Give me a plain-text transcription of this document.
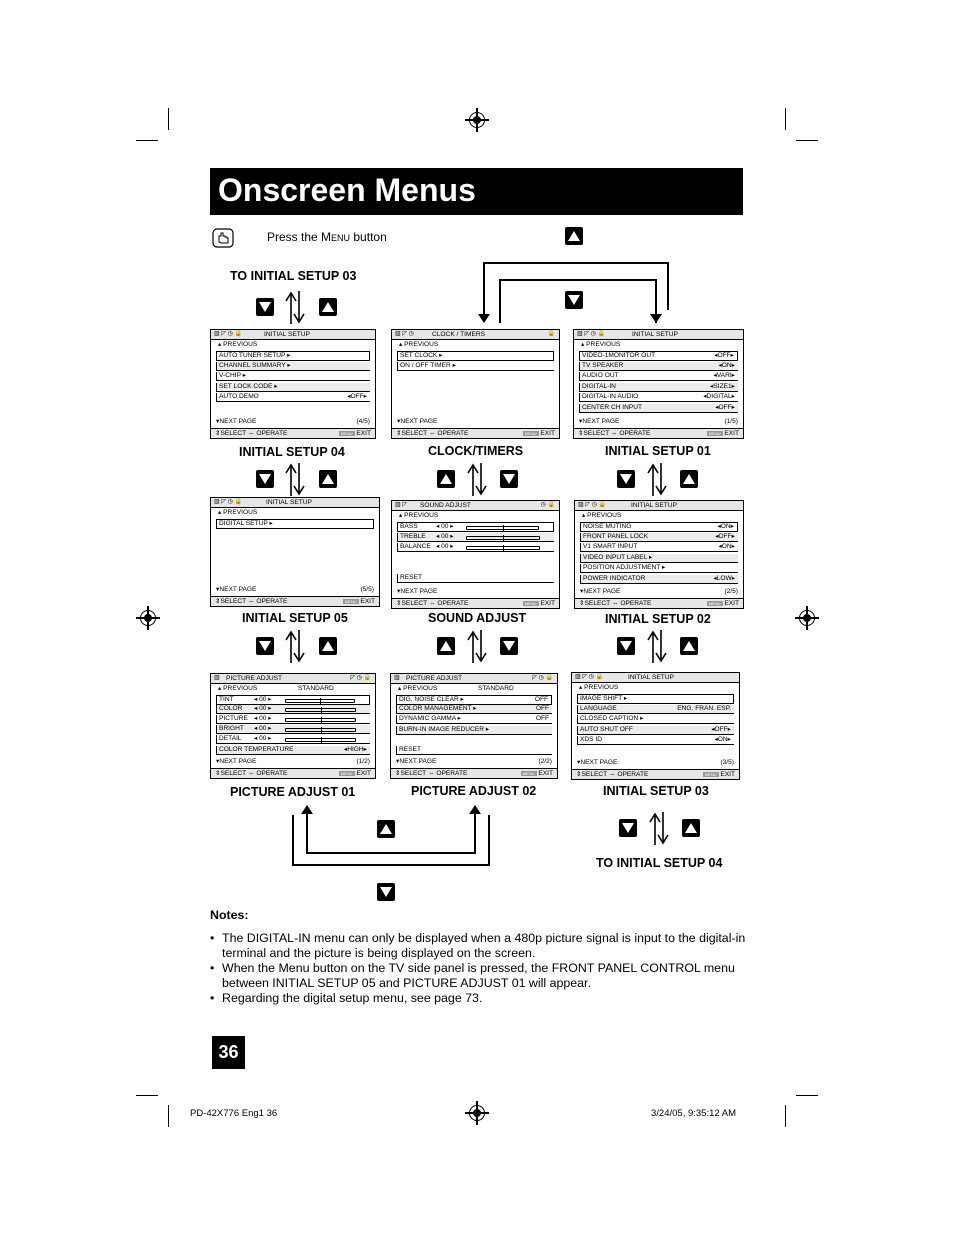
Onscreen Menus
Press the MENU button
TO INITIAL SETUP 03
INITIAL SETUP 04	CLOCK/TIMERS	INITIAL SETUP 01
INITIAL SETUP 05	SOUND ADJUST	INITIAL SETUP 02
PICTURE ADJUST 01	PICTURE ADJUST 02	INITIAL SETUP 03
TO INITIAL SETUP 04
▥ ◸ ◷ 🔒	INITIAL SETUP
▴ PREVIOUS
AUTO TUNER SETUP ▸
CHANNEL SUMMARY ▸
V-CHIP ▸
SET LOCK CODE ▸
AUTO DEMO	◂OFF▸
▾NEXT PAGE	(4/5)
⇕SELECT ⇔ OPERATE	MENU EXIT
▥ ◸ ◷	CLOCK / TIMERS	🔒
▴ PREVIOUS
SET CLOCK ▸
ON / OFF TIMER ▸
▾NEXT PAGE
⇕SELECT ⇔ OPERATE	MENU EXIT
▥ ◸ ◷ 🔒	INITIAL SETUP
▴ PREVIOUS
VIDEO-1MONITOR OUT	◂OFF▸
TV SPEAKER	◂ON▸
AUDIO OUT	◂VARI▸
DIGITAL-IN	◂SIZE1▸
DIGITAL-IN AUDIO	◂DIGITAL▸
CENTER CH INPUT	◂OFF▸
▾NEXT PAGE	(1/5)
⇕SELECT ⇔ OPERATE	MENU EXIT
▥ ◸ ◷ 🔒	INITIAL SETUP
▴ PREVIOUS
DIGITAL SETUP ▸
▾NEXT PAGE	(5/5)
⇕SELECT ⇔ OPERATE	MENU EXIT
▥ ◸ SOUND ADJUST	◷ 🔒
▴ PREVIOUS
BASS	◂ 00 ▸
TREBLE ◂ 00 ▸
BALANCE ◂ 00 ▸
RESET
▾NEXT PAGE
⇕SELECT ⇔ OPERATE	MENU EXIT
▥ ◸ ◷ 🔒	INITIAL SETUP
▴ PREVIOUS
NOISE MUTING	◂ON▸
FRONT PANEL LOCK	◂OFF▸
V1 SMART INPUT	◂ON▸
VIDEO INPUT LABEL ▸
POSITION ADJUSTMENT ▸
POWER INDICATOR	◂LOW▸
▾NEXT PAGE	(2/5)
⇕SELECT ⇔ OPERATE	MENU EXIT
▥ PICTURE ADJUST	◸ ◷ 🔒
▴ PREVIOUS	STANDARD
TINT	◂ 00 ▸
COLOR ◂ 00 ▸
PICTURE ◂ 00 ▸
BRIGHT ◂ 00 ▸
DETAIL ◂ 00 ▸
COLOR TEMPERATURE	◂HIGH▸
▾NEXT PAGE	(1/2)
⇕SELECT ⇔ OPERATE	MENU EXIT
▥ PICTURE ADJUST	◸ ◷ 🔒
▴ PREVIOUS	STANDARD
DIG. NOISE CLEAR ▸	OFF
COLOR MANAGEMENT ▸	OFF
DYNAMIC GAMMA ▸	OFF
BURN-IN IMAGE REDUCER ▸
RESET
▾NEXT PAGE	(2/2)
⇕SELECT ⇔ OPERATE	MENU EXIT
▥ ◸ ◷ 🔒	INITIAL SETUP
▴ PREVIOUS
IMAGE SHIFT ▸
LANGUAGE	ENG. FRAN. ESP.
CLOSED CAPTION ▸
AUTO SHUT OFF	◂OFF▸
XDS ID	◂ON▸
▾NEXT PAGE	(3/5)
⇕SELECT ⇔ OPERATE	MENU EXIT
Notes:
• The DIGITAL-IN menu can only be displayed when a 480p picture signal is input to the digital-in terminal and the picture is being displayed on the screen.
• When the Menu button on the TV side panel is pressed, the FRONT PANEL CONTROL menu between INITIAL SETUP 05 and PICTURE ADJUST 01 will appear.
• Regarding the digital setup menu, see page 73.
36
PD-42X776 Eng1 36	3/24/05, 9:35:12 AM
